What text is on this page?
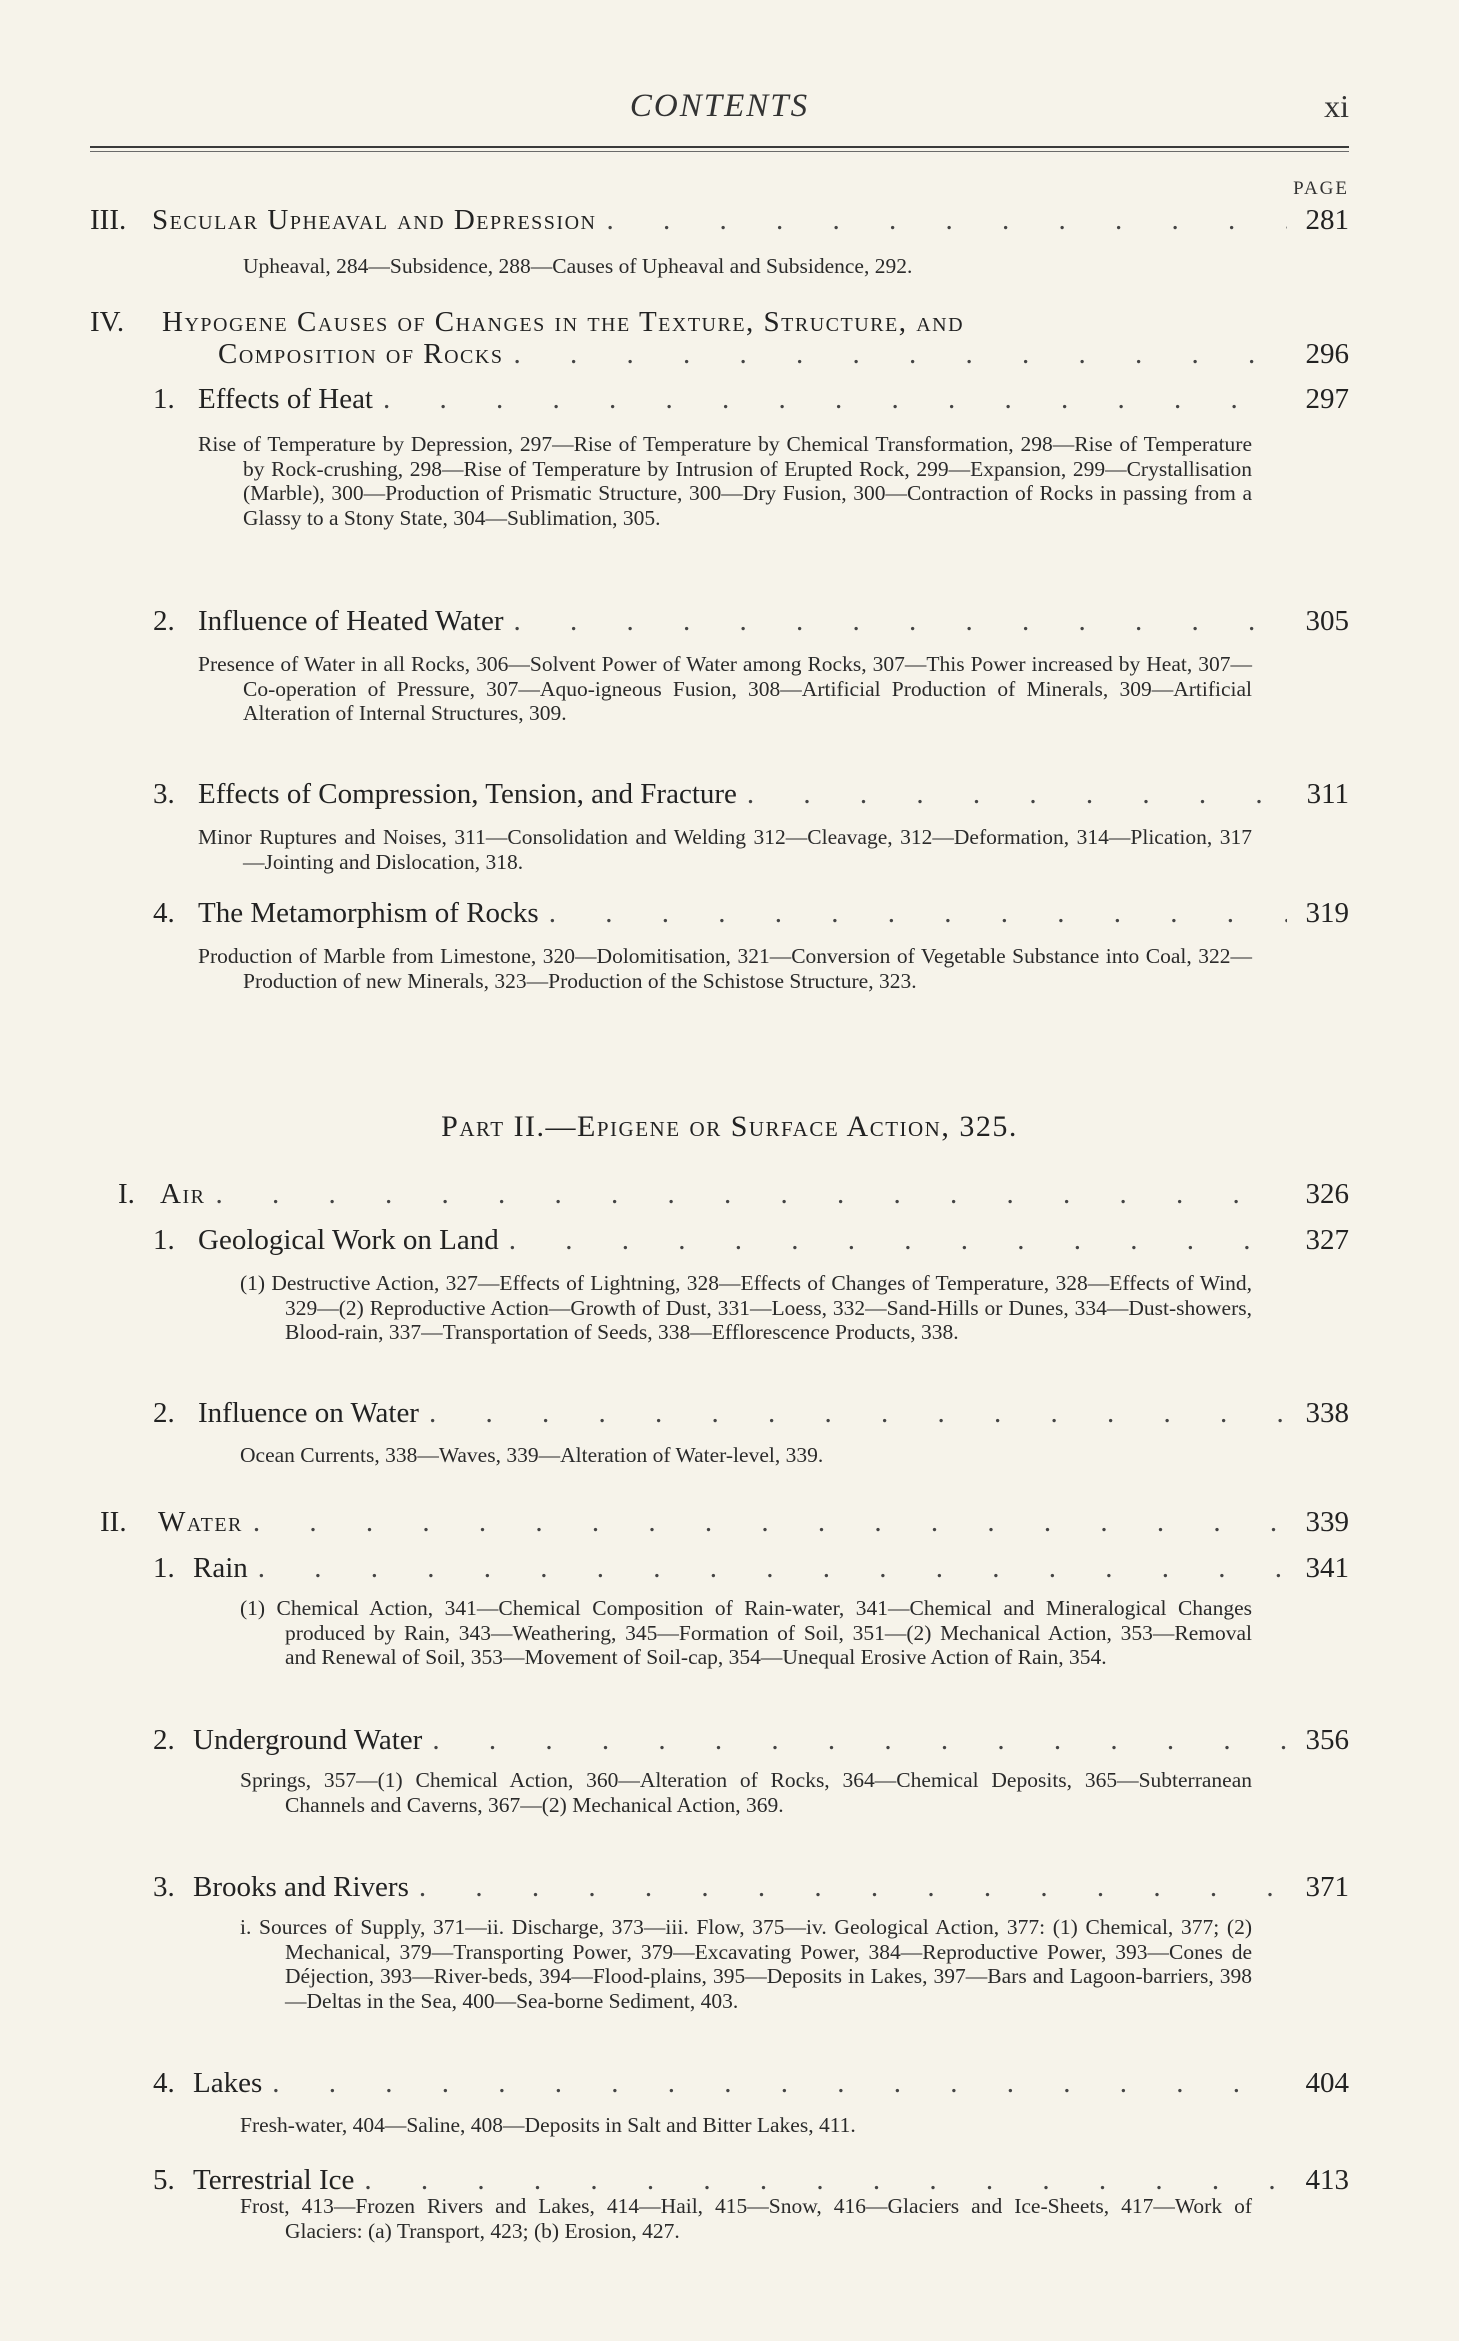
CONTENTS	xi
PAGE
III. Secular Upheaval and Depression . . .	281
Upheaval, 284—Subsidence, 288—Causes of Upheaval and Subsidence, 292.
IV.	Hypogene Causes of Changes in the Texture, Structure, and
Composition of Rocks . . .	296
1. Effects of Heat . . .	297
Rise of Temperature by Depression, 297—Rise of Temperature by Chemical Transformation, 298—Rise of Temperature by Rock-crushing, 298—Rise of Temperature by Intrusion of Erupted Rock, 299—Expansion, 299—Crystallisation (Marble), 300—Production of Prismatic Structure, 300—Dry Fusion, 300—Contraction of Rocks in passing from a Glassy to a Stony State, 304—Sublimation, 305.
2. Influence of Heated Water . . .	305
Presence of Water in all Rocks, 306—Solvent Power of Water among Rocks, 307—This Power increased by Heat, 307—Co-operation of Pressure, 307—Aquo-igneous Fusion, 308—Artificial Production of Minerals, 309—Artificial Alteration of Internal Structures, 309.
3. Effects of Compression, Tension, and Fracture . . .	311
Minor Ruptures and Noises, 311—Consolidation and Welding 312—Cleavage, 312—Deformation, 314—Plication, 317—Jointing and Dislocation, 318.
4. The Metamorphism of Rocks . . .	319
Production of Marble from Limestone, 320—Dolomitisation, 321—Conversion of Vegetable Substance into Coal, 322—Production of new Minerals, 323—Production of the Schistose Structure, 323.
Part II.—Epigene or Surface Action, 325.
I. Air . . .	326
1. Geological Work on Land . . .	327
(1) Destructive Action, 327—Effects of Lightning, 328—Effects of Changes of Temperature, 328—Effects of Wind, 329—(2) Reproductive Action—Growth of Dust, 331—Loess, 332—Sand-Hills or Dunes, 334—Dust-showers, Blood-rain, 337—Transportation of Seeds, 338—Efflorescence Products, 338.
2. Influence on Water . . .	338
Ocean Currents, 338—Waves, 339—Alteration of Water-level, 339.
II.	Water . . .	339
1. Rain . . .	341
(1) Chemical Action, 341—Chemical Composition of Rain-water, 341—Chemical and Mineralogical Changes produced by Rain, 343—Weathering, 345—Formation of Soil, 351—(2) Mechanical Action, 353—Removal and Renewal of Soil, 353—Movement of Soil-cap, 354—Unequal Erosive Action of Rain, 354.
2. Underground Water . . .	356
Springs, 357—(1) Chemical Action, 360—Alteration of Rocks, 364—Chemical Deposits, 365—Subterranean Channels and Caverns, 367—(2) Mechanical Action, 369.
3. Brooks and Rivers . . .	371
i. Sources of Supply, 371—ii. Discharge, 373—iii. Flow, 375—iv. Geological Action, 377: (1) Chemical, 377; (2) Mechanical, 379—Transporting Power, 379—Excavating Power, 384—Reproductive Power, 393—Cones de Déjection, 393—River-beds, 394—Flood-plains, 395—Deposits in Lakes, 397—Bars and Lagoon-barriers, 398—Deltas in the Sea, 400—Sea-borne Sediment, 403.
4. Lakes . . .	404
Fresh-water, 404—Saline, 408—Deposits in Salt and Bitter Lakes, 411.
5. Terrestrial Ice . . .	413
Frost, 413—Frozen Rivers and Lakes, 414—Hail, 415—Snow, 416—Glaciers and Ice-Sheets, 417—Work of Glaciers: (a) Transport, 423; (b) Erosion, 427.
